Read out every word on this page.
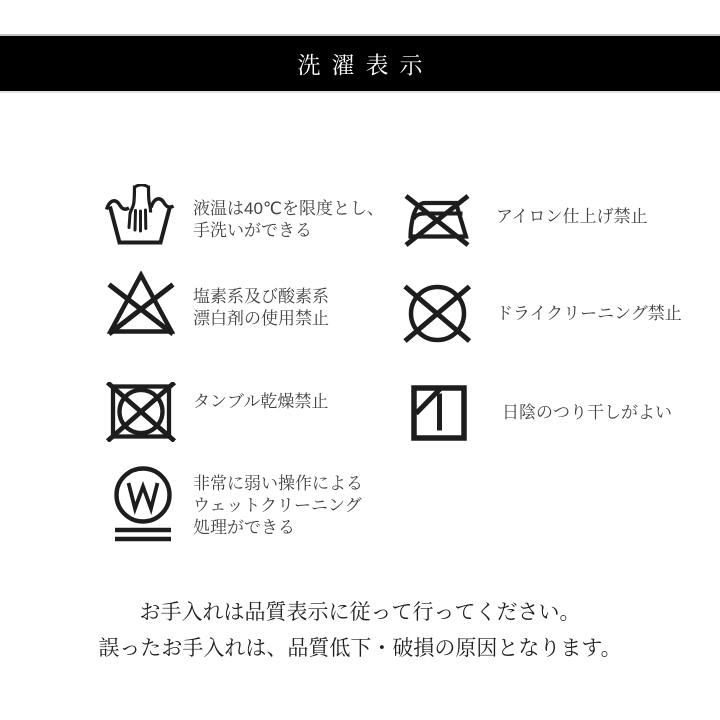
洗濯表示
液温は40℃を限度とし、
手洗いができる
塩素系及び酸素系
漂白剤の使用禁止
タンブル乾燥禁止
非常に弱い操作による
ウェットクリーニング
処理ができる
アイロン仕上げ禁止
ドライクリーニング禁止
日陰のつり干しがよい
お手入れは品質表示に従って行ってください。
誤ったお手入れは、品質低下・破損の原因となります。
